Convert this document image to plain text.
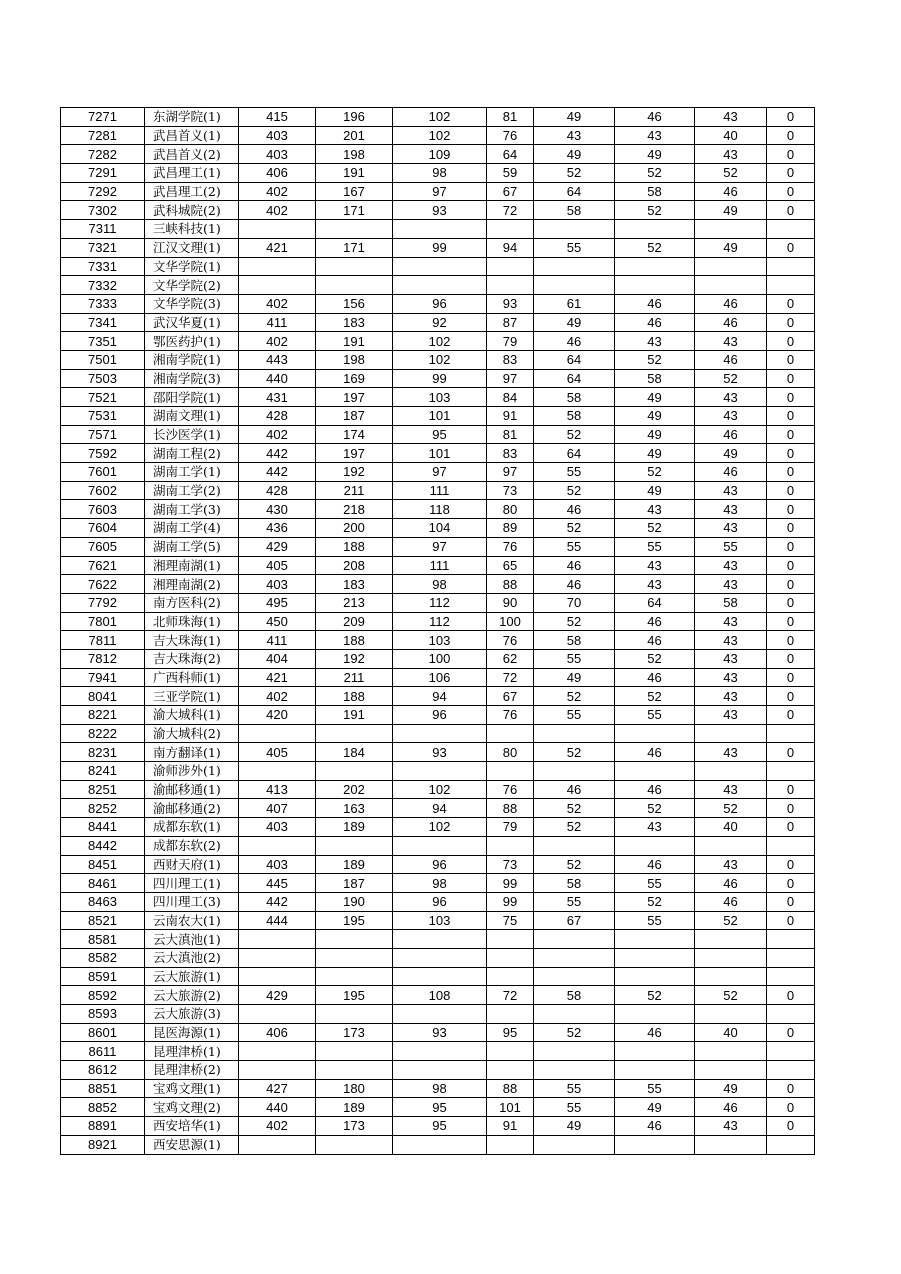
7271	东湖学院(1)	415	196	102	81	49	46	43	0
7281	武昌首义(1)	403	201	102	76	43	43	40	0
7282	武昌首义(2)	403	198	109	64	49	49	43	0
7291	武昌理工(1)	406	191	98	59	52	52	52	0
7292	武昌理工(2)	402	167	97	67	64	58	46	0
7302	武科城院(2)	402	171	93	72	58	52	49	0
7311	三峡科技(1)								
7321	江汉文理(1)	421	171	99	94	55	52	49	0
7331	文华学院(1)								
7332	文华学院(2)								
7333	文华学院(3)	402	156	96	93	61	46	46	0
7341	武汉华夏(1)	411	183	92	87	49	46	46	0
7351	鄂医药护(1)	402	191	102	79	46	43	43	0
7501	湘南学院(1)	443	198	102	83	64	52	46	0
7503	湘南学院(3)	440	169	99	97	64	58	52	0
7521	邵阳学院(1)	431	197	103	84	58	49	43	0
7531	湖南文理(1)	428	187	101	91	58	49	43	0
7571	长沙医学(1)	402	174	95	81	52	49	46	0
7592	湖南工程(2)	442	197	101	83	64	49	49	0
7601	湖南工学(1)	442	192	97	97	55	52	46	0
7602	湖南工学(2)	428	211	111	73	52	49	43	0
7603	湖南工学(3)	430	218	118	80	46	43	43	0
7604	湖南工学(4)	436	200	104	89	52	52	43	0
7605	湖南工学(5)	429	188	97	76	55	55	55	0
7621	湘理南湖(1)	405	208	111	65	46	43	43	0
7622	湘理南湖(2)	403	183	98	88	46	43	43	0
7792	南方医科(2)	495	213	112	90	70	64	58	0
7801	北师珠海(1)	450	209	112	100	52	46	43	0
7811	吉大珠海(1)	411	188	103	76	58	46	43	0
7812	吉大珠海(2)	404	192	100	62	55	52	43	0
7941	广西科师(1)	421	211	106	72	49	46	43	0
8041	三亚学院(1)	402	188	94	67	52	52	43	0
8221	渝大城科(1)	420	191	96	76	55	55	43	0
8222	渝大城科(2)								
8231	南方翻译(1)	405	184	93	80	52	46	43	0
8241	渝师涉外(1)								
8251	渝邮移通(1)	413	202	102	76	46	46	43	0
8252	渝邮移通(2)	407	163	94	88	52	52	52	0
8441	成都东软(1)	403	189	102	79	52	43	40	0
8442	成都东软(2)								
8451	西财天府(1)	403	189	96	73	52	46	43	0
8461	四川理工(1)	445	187	98	99	58	55	46	0
8463	四川理工(3)	442	190	96	99	55	52	46	0
8521	云南农大(1)	444	195	103	75	67	55	52	0
8581	云大滇池(1)								
8582	云大滇池(2)								
8591	云大旅游(1)								
8592	云大旅游(2)	429	195	108	72	58	52	52	0
8593	云大旅游(3)								
8601	昆医海源(1)	406	173	93	95	52	46	40	0
8611	昆理津桥(1)								
8612	昆理津桥(2)								
8851	宝鸡文理(1)	427	180	98	88	55	55	49	0
8852	宝鸡文理(2)	440	189	95	101	55	49	46	0
8891	西安培华(1)	402	173	95	91	49	46	43	0
8921	西安思源(1)								
